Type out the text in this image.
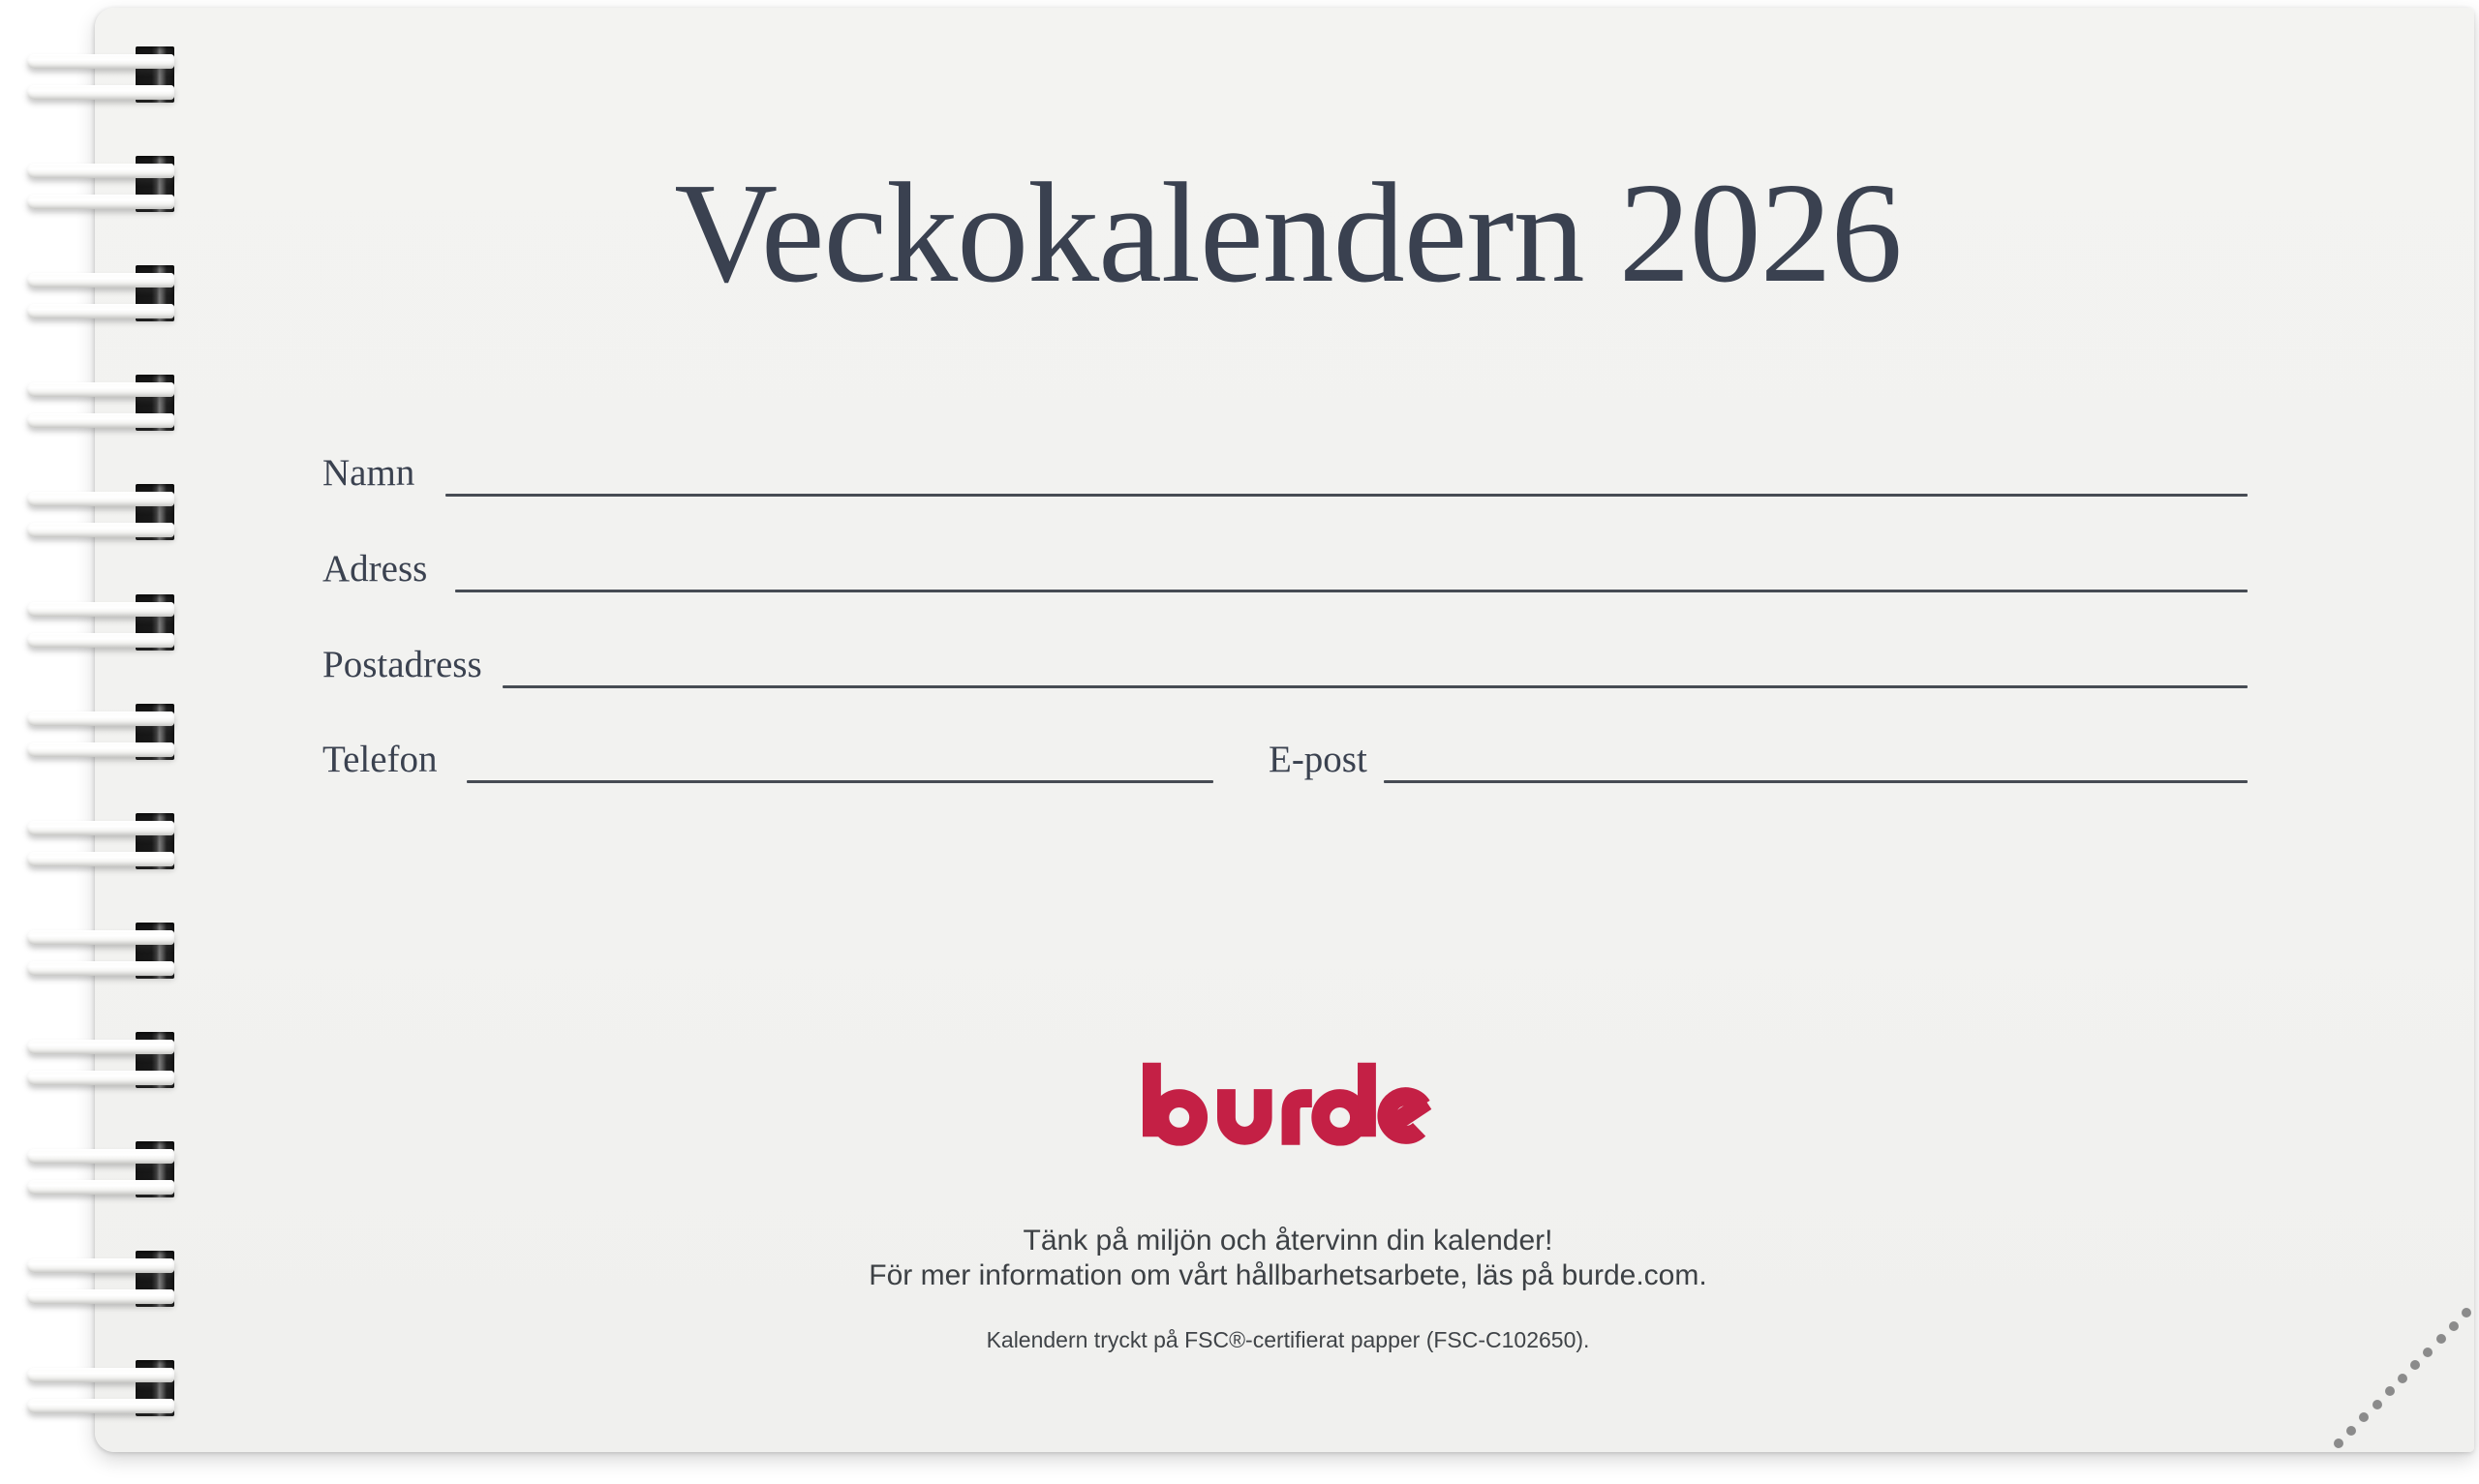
Veckokalendern 2026

Tänk på miljön och återvinn din kalender!

För mer information om vårt hållbarhetsarbete, läs på burde.com.

Kalendern tryckt på FSC®-certifierat papper (FSC-C102650).

Namn
Adress
Postadress
Telefon	E-post
